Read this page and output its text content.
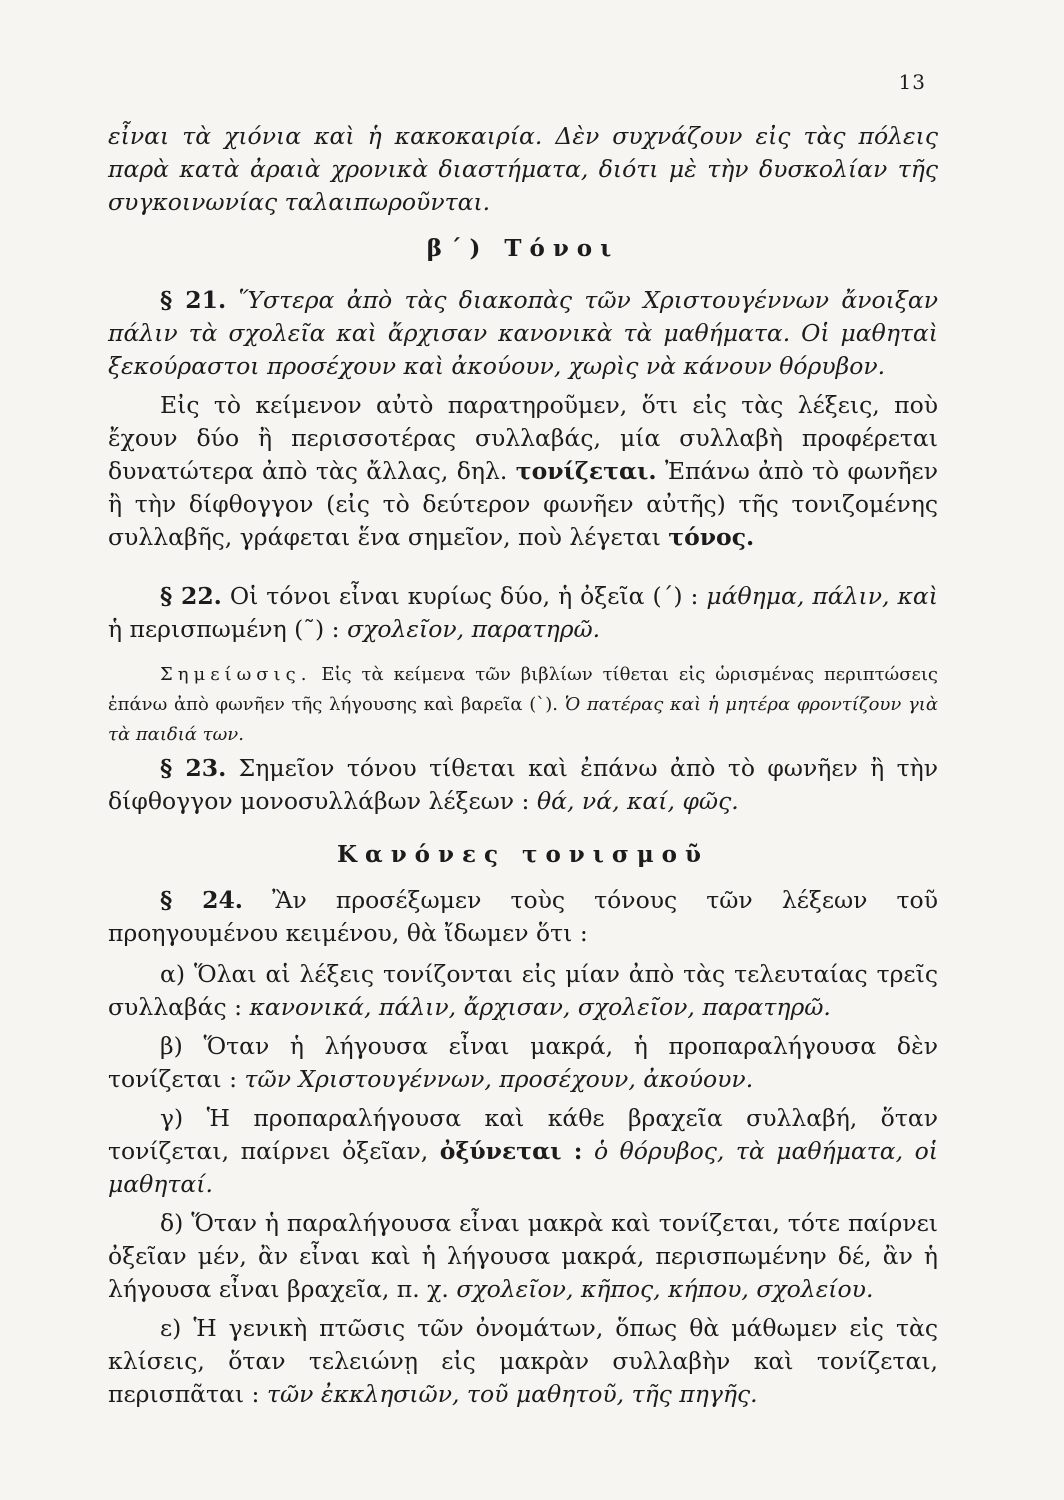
13

εἶναι τὰ χιόνια καὶ ἡ κακοκαιρία. Δὲν συχνάζουν εἰς τὰς πόλεις παρὰ κατὰ ἀραιὰ χρονικὰ διαστήματα, διότι μὲ τὴν δυσκολίαν τῆς συγκοινωνίας ταλαιπωροῦνται.

β΄) Τόνοι

§ 21. Ὕστερα ἀπὸ τὰς διακοπὰς τῶν Χριστουγέννων ἄνοιξαν πάλιν τὰ σχολεῖα καὶ ἄρχισαν κανονικὰ τὰ μαθήματα. Οἱ μαθηταὶ ξεκούραστοι προσέχουν καὶ ἀκούουν, χωρὶς νὰ κάνουν θόρυβον.

Εἰς τὸ κείμενον αὐτὸ παρατηροῦμεν, ὅτι εἰς τὰς λέξεις, ποὺ ἔχουν δύο ἢ περισσοτέρας συλλαβάς, μία συλλαβὴ προφέρεται δυνατώτερα ἀπὸ τὰς ἄλλας, δηλ. τονίζεται. Ἐπάνω ἀπὸ τὸ φωνῆεν ἢ τὴν δίφθογγον (εἰς τὸ δεύτερον φωνῆεν αὐτῆς) τῆς τονιζομένης συλλαβῆς, γράφεται ἕνα σημεῖον, ποὺ λέγεται τόνος.

§ 22. Οἱ τόνοι εἶναι κυρίως δύο, ἡ ὀξεῖα (΄) : μάθημα, πάλιν, καὶ ἡ περισπωμένη (῀) : σχολεῖον, παρατηρῶ.

Σημείωσις. Εἰς τὰ κείμενα τῶν βιβλίων τίθεται εἰς ὡρισμένας περιπτώσεις ἐπάνω ἀπὸ φωνῆεν τῆς λήγουσης καὶ βαρεῖα (`). Ὁ πατέρας καὶ ἡ μητέρα φροντίζουν γιὰ τὰ παιδιά των.

§ 23. Σημεῖον τόνου τίθεται καὶ ἐπάνω ἀπὸ τὸ φωνῆεν ἢ τὴν δίφθογγον μονοσυλλάβων λέξεων : θά, νά, καί, φῶς.

Κανόνες τονισμοῦ

§ 24. Ἂν προσέξωμεν τοὺς τόνους τῶν λέξεων τοῦ προηγουμένου κειμένου, θὰ ἴδωμεν ὅτι :

α) Ὅλαι αἱ λέξεις τονίζονται εἰς μίαν ἀπὸ τὰς τελευταίας τρεῖς συλλαβάς : κανονικά, πάλιν, ἄρχισαν, σχολεῖον, παρατηρῶ.

β) Ὅταν ἡ λήγουσα εἶναι μακρά, ἡ προπαραλήγουσα δὲν τονίζεται : τῶν Χριστουγέννων, προσέχουν, ἀκούουν.

γ) Ἡ προπαραλήγουσα καὶ κάθε βραχεῖα συλλαβή, ὅταν τονίζεται, παίρνει ὀξεῖαν, ὀξύνεται : ὁ θόρυβος, τὰ μαθήματα, οἱ μαθηταί.

δ) Ὅταν ἡ παραλήγουσα εἶναι μακρὰ καὶ τονίζεται, τότε παίρνει ὀξεῖαν μέν, ἂν εἶναι καὶ ἡ λήγουσα μακρά, περισπωμένην δέ, ἂν ἡ λήγουσα εἶναι βραχεῖα, π. χ. σχολεῖον, κῆπος, κήπου, σχολείου.

ε) Ἡ γενικὴ πτῶσις τῶν ὀνομάτων, ὅπως θὰ μάθωμεν εἰς τὰς κλίσεις, ὅταν τελειώνῃ εἰς μακρὰν συλλαβὴν καὶ τονίζεται, περισπᾶται : τῶν ἐκκλησιῶν, τοῦ μαθητοῦ, τῆς πηγῆς.
